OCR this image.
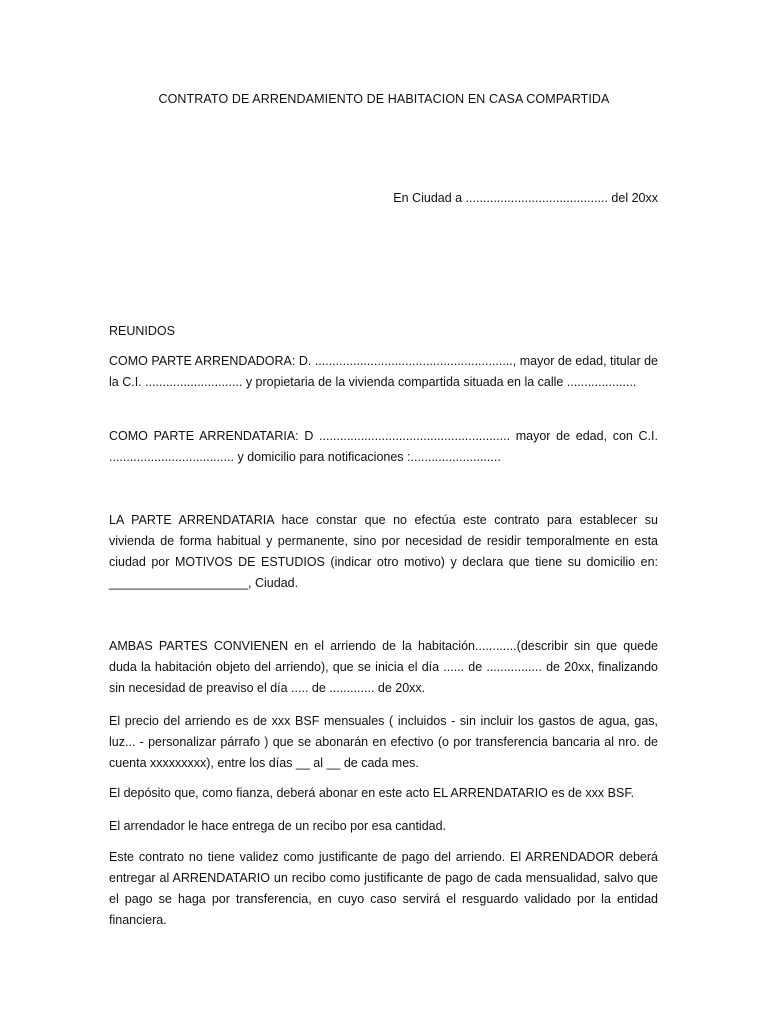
CONTRATO DE ARRENDAMIENTO DE HABITACION EN CASA COMPARTIDA
En Ciudad a ......................................... del 20xx

REUNIDOS

COMO PARTE ARRENDADORA: D. ........................................................., mayor de edad, titular de la C.I. ............................ y propietaria de la vivienda compartida situada en la calle ....................

COMO PARTE ARRENDATARIA: D ....................................................... mayor de edad, con C.I. .................................... y domicilio para notificaciones :..........................

LA PARTE ARRENDATARIA hace constar que no efectúa este contrato para establecer su vivienda de forma habitual y permanente, sino por necesidad de residir temporalmente en esta ciudad por MOTIVOS DE ESTUDIOS (indicar otro motivo) y declara que tiene su domicilio en: ____________________, Ciudad.

AMBAS PARTES CONVIENEN en el arriendo de la habitación............(describir sin que quede duda la habitación objeto del arriendo), que se inicia el día ...... de ................ de 20xx, finalizando sin necesidad de preaviso el día ..... de ............. de 20xx.

El precio del arriendo es de xxx BSF mensuales ( incluidos - sin incluir los gastos de agua, gas, luz... - personalizar párrafo ) que se abonarán en efectivo (o por transferencia bancaria al nro. de cuenta xxxxxxxxx), entre los días __ al __ de cada mes.

El depósito que, como fianza, deberá abonar en este acto EL ARRENDATARIO es de xxx BSF.

El arrendador le hace entrega de un recibo por esa cantidad.

Este contrato no tiene validez como justificante de pago del arriendo. El ARRENDADOR deberá entregar al ARRENDATARIO un recibo como justificante de pago de cada mensualidad, salvo que el pago se haga por transferencia, en cuyo caso servirá el resguardo validado por la entidad financiera.
